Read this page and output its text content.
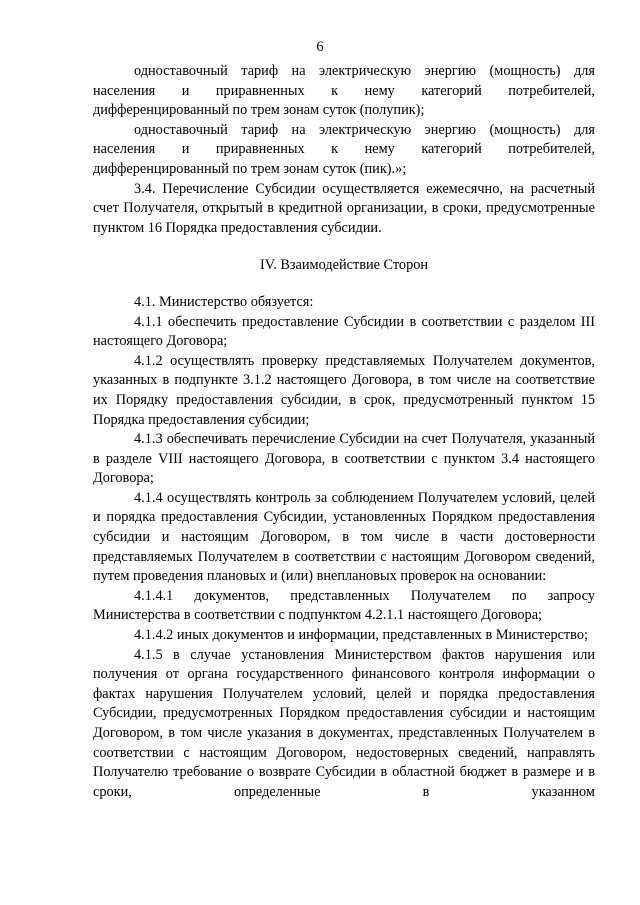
6

одноставочный тариф на электрическую энергию (мощность) для населения и приравненных к нему категорий потребителей, дифференцированный по трем зонам суток (полупик);

одноставочный тариф на электрическую энергию (мощность) для населения и приравненных к нему категорий потребителей, дифференцированный по трем зонам суток (пик).»;

3.4. Перечисление Субсидии осуществляется ежемесячно, на расчетный счет Получателя, открытый в кредитной организации, в сроки, предусмотренные пунктом 16 Порядка предоставления субсидии.

IV. Взаимодействие Сторон

4.1. Министерство обязуется:

4.1.1 обеспечить предоставление Субсидии в соответствии с разделом III настоящего Договора;

4.1.2 осуществлять проверку представляемых Получателем документов, указанных в подпункте 3.1.2 настоящего Договора, в том числе на соответствие их Порядку предоставления субсидии, в срок, предусмотренный пунктом 15 Порядка предоставления субсидии;

4.1.3 обеспечивать перечисление Субсидии на счет Получателя, указанный в разделе VIII настоящего Договора, в соответствии с пунктом 3.4 настоящего Договора;

4.1.4 осуществлять контроль за соблюдением Получателем условий, целей и порядка предоставления Субсидии, установленных Порядком предоставления субсидии и настоящим Договором, в том числе в части достоверности представляемых Получателем в соответствии с настоящим Договором сведений, путем проведения плановых и (или) внеплановых проверок на основании:

4.1.4.1 документов, представленных Получателем по запросу Министерства в соответствии с подпунктом 4.2.1.1 настоящего Договора;

4.1.4.2 иных документов и информации, представленных в Министерство;

4.1.5 в случае установления Министерством фактов нарушения или получения от органа государственного финансового контроля информации о фактах нарушения Получателем условий, целей и порядка предоставления Субсидии, предусмотренных Порядком предоставления субсидии и настоящим Договором, в том числе указания в документах, представленных Получателем в соответствии с настоящим Договором, недостоверных сведений, направлять Получателю требование о возврате Субсидии в областной бюджет в размере и в сроки, определенные в указанном
